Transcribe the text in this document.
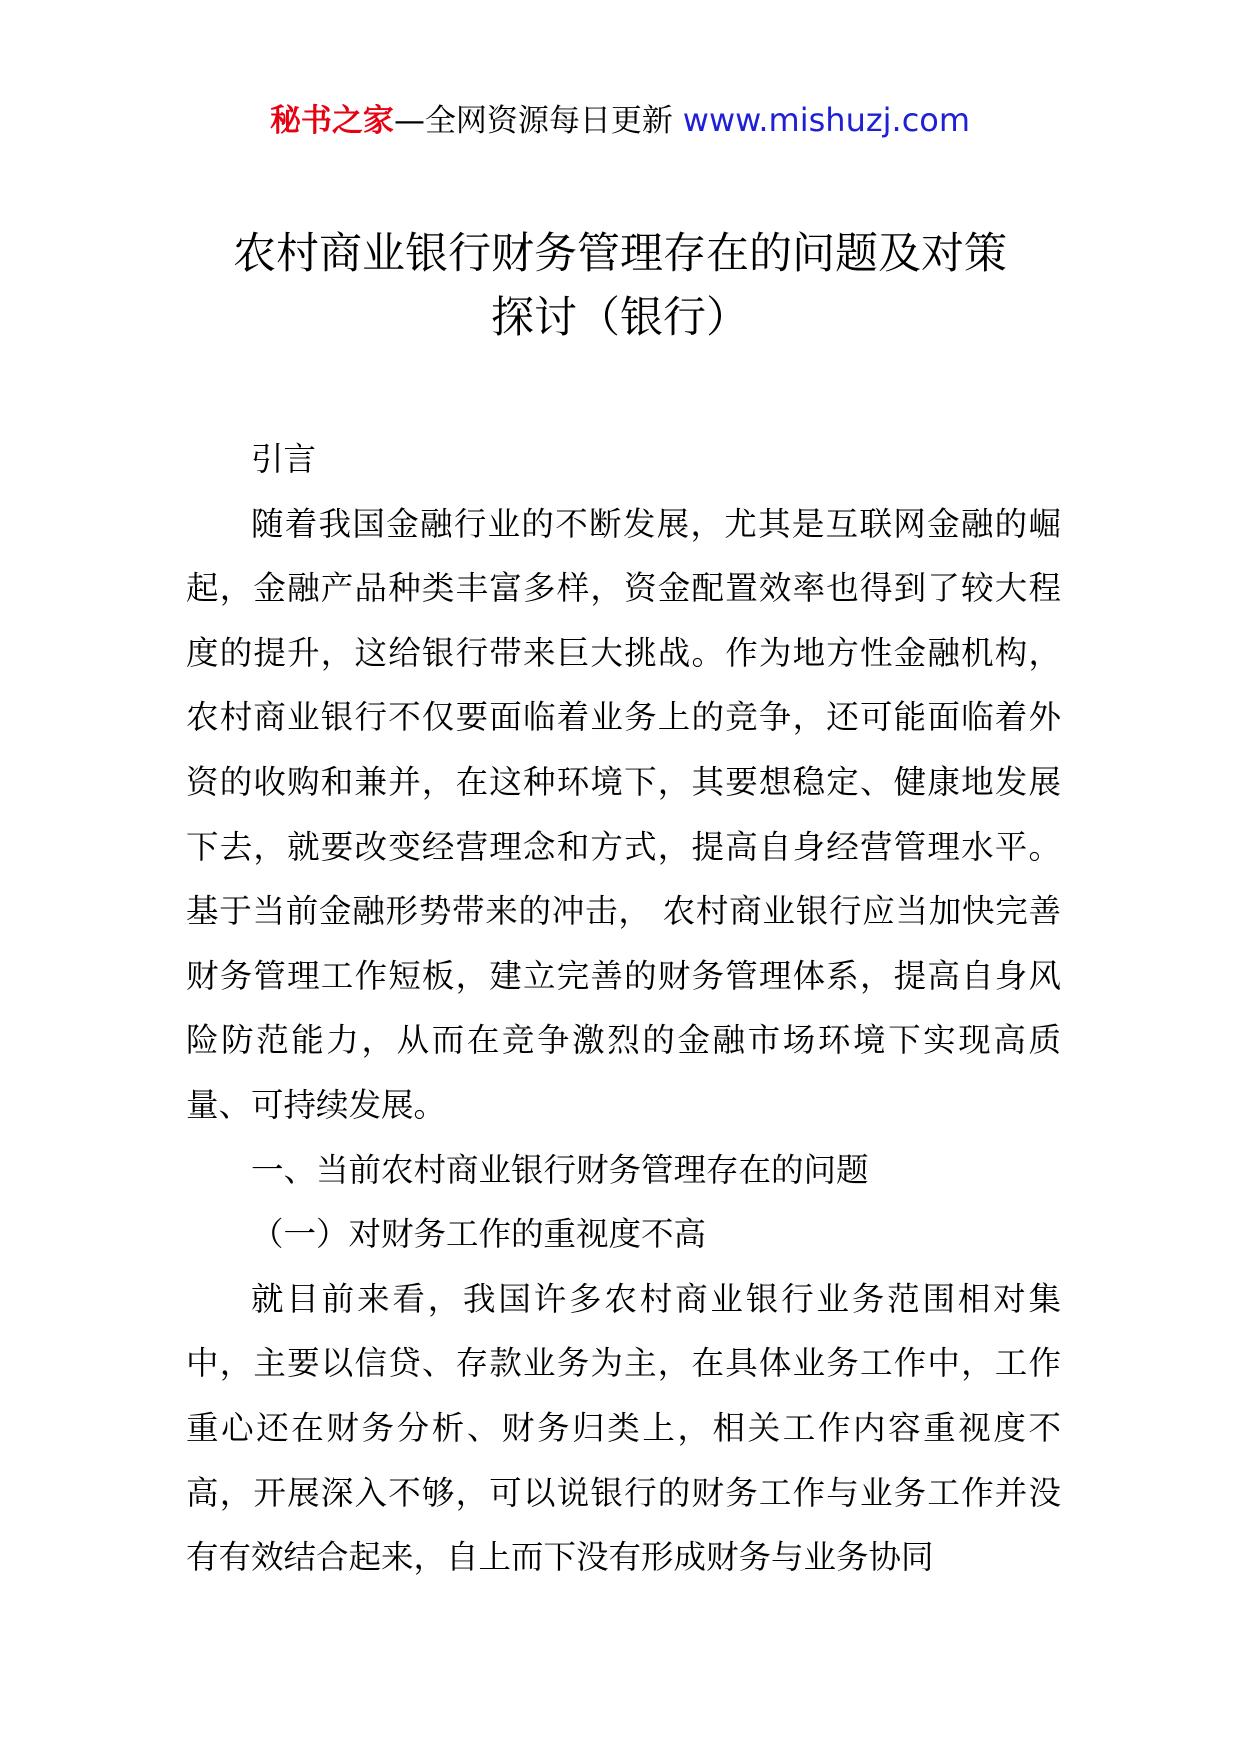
秘书之家—全网资源每日更新 www.mishuzj.com
农村商业银行财务管理存在的问题及对策
探讨（银行）

引言

随着我国金融行业的不断发展，尤其是互联网金融的崛起，金融产品种类丰富多样，资金配置效率也得到了较大程度的提升，这给银行带来巨大挑战。作为地方性金融机构，农村商业银行不仅要面临着业务上的竞争，还可能面临着外资的收购和兼并，在这种环境下，其要想稳定、健康地发展下去，就要改变经营理念和方式，提高自身经营管理水平。基于当前金融形势带来的冲击， 农村商业银行应当加快完善财务管理工作短板，建立完善的财务管理体系，提高自身风险防范能力，从而在竞争激烈的金融市场环境下实现高质量、可持续发展。

一、当前农村商业银行财务管理存在的问题

（一）对财务工作的重视度不高

就目前来看，我国许多农村商业银行业务范围相对集中，主要以信贷、存款业务为主，在具体业务工作中，工作重心还在财务分析、财务归类上，相关工作内容重视度不高，开展深入不够，可以说银行的财务工作与业务工作并没有有效结合起来，自上而下没有形成财务与业务协同
